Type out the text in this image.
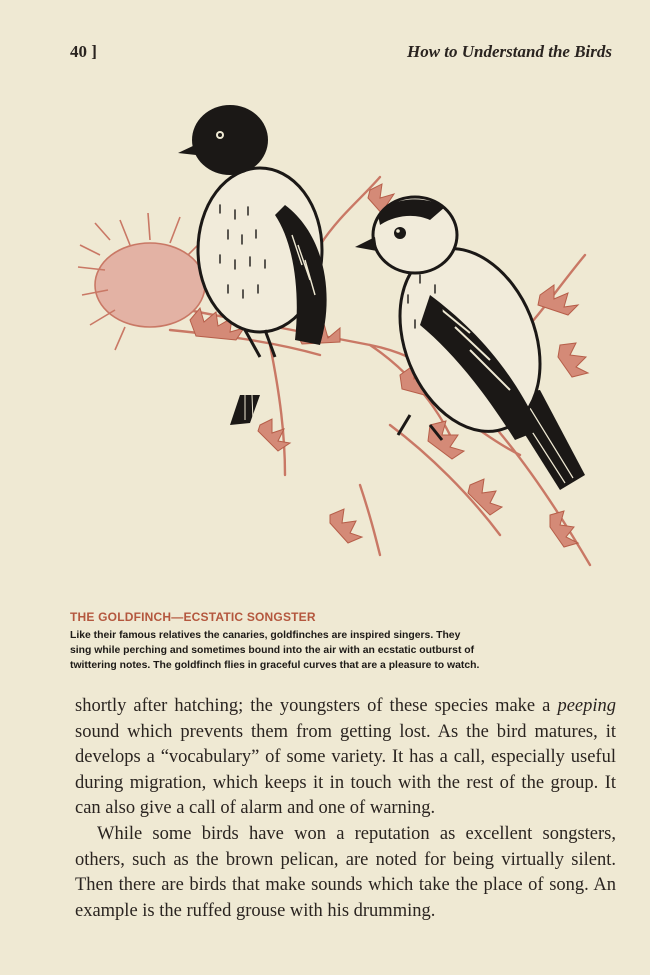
40 ]	How to Understand the Birds
THE GOLDFINCH—ECSTATIC SONGSTER
Like their famous relatives the canaries, goldfinches are inspired singers. They
sing while perching and sometimes bound into the air with an ecstatic outburst of
twittering notes. The goldfinch flies in graceful curves that are a pleasure to watch.

shortly after hatching; the youngsters of these species make a peeping sound which prevents them from getting lost. As the bird matures, it develops a “vocabulary” of some variety. It has a call, especially useful during migration, which keeps it in touch with the rest of the group. It can also give a call of alarm and one of warning.

While some birds have won a reputation as excellent songsters, others, such as the brown pelican, are noted for being virtually silent. Then there are birds that make sounds which take the place of song. An example is the ruffed grouse with his drumming.
